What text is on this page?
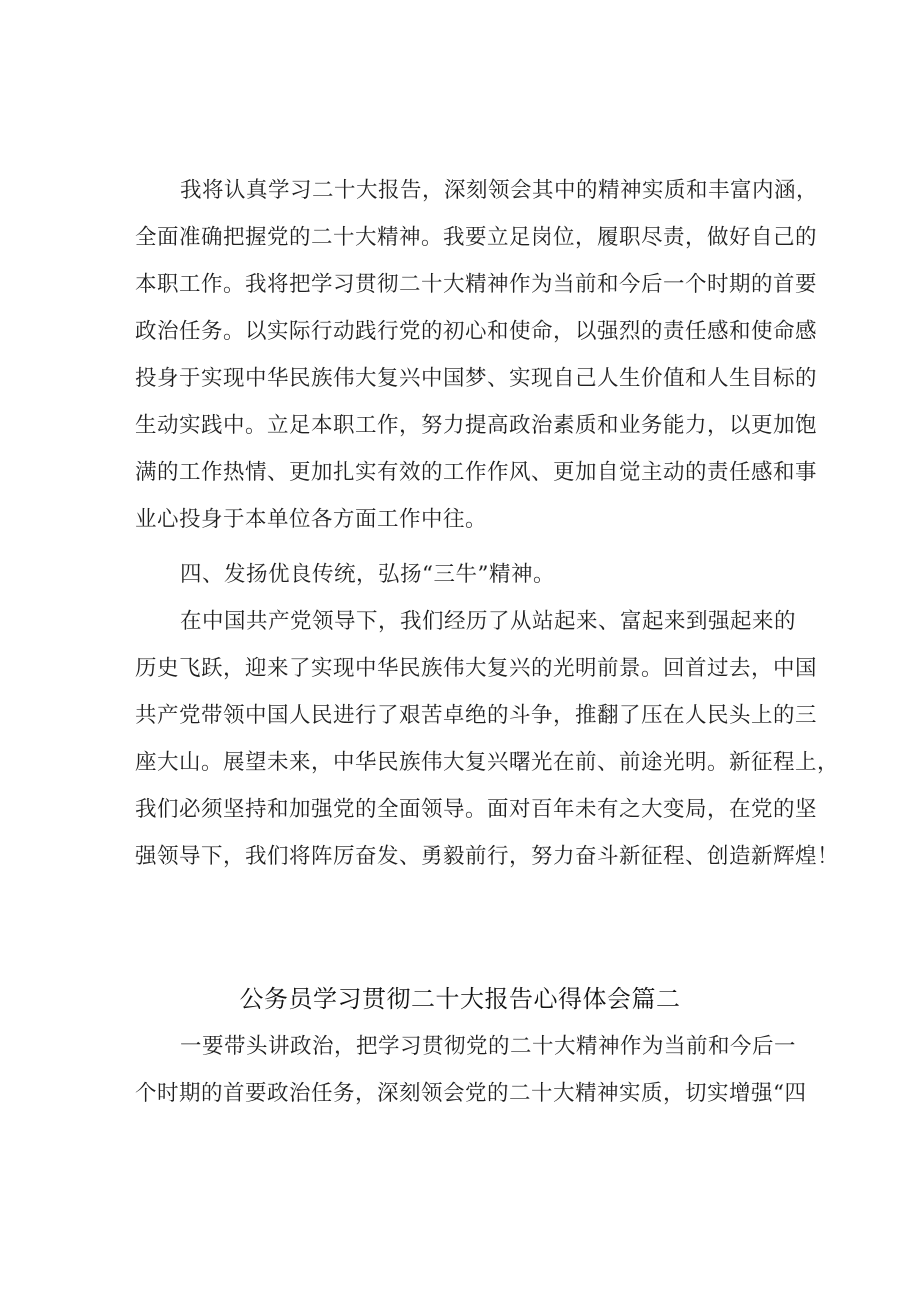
我将认真学习二十大报告，深刻领会其中的精神实质和丰富内涵，
全面准确把握党的二十大精神。我要立足岗位，履职尽责，做好自己的
本职工作。我将把学习贯彻二十大精神作为当前和今后一个时期的首要
政治任务。以实际行动践行党的初心和使命，以强烈的责任感和使命感
投身于实现中华民族伟大复兴中国梦、实现自己人生价值和人生目标的
生动实践中。立足本职工作，努力提高政治素质和业务能力，以更加饱
满的工作热情、更加扎实有效的工作作风、更加自觉主动的责任感和事
业心投身于本单位各方面工作中往。
四、发扬优良传统，弘扬“三牛”精神。
在中国共产党领导下，我们经历了从站起来、富起来到强起来的
历史飞跃，迎来了实现中华民族伟大复兴的光明前景。回首过去，中国
共产党带领中国人民进行了艰苦卓绝的斗争，推翻了压在人民头上的三
座大山。展望未来，中华民族伟大复兴曙光在前、前途光明。新征程上，
我们必须坚持和加强党的全面领导。面对百年未有之大变局，在党的坚
强领导下，我们将阵厉奋发、勇毅前行，努力奋斗新征程、创造新辉煌！
公务员学习贯彻二十大报告心得体会篇二
一要带头讲政治，把学习贯彻党的二十大精神作为当前和今后一
个时期的首要政治任务，深刻领会党的二十大精神实质，切实增强“四
